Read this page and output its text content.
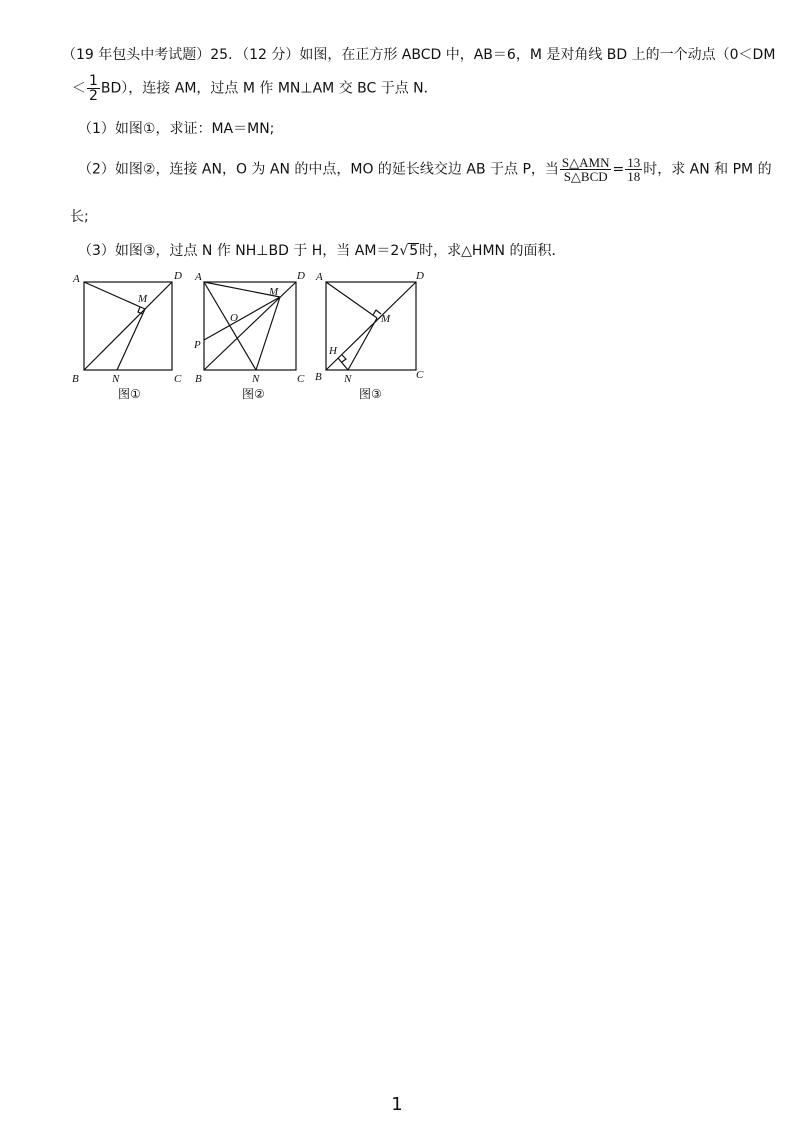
（19 年包头中考试题）25．（12 分）如图，在正方形 ABCD 中，AB＝6，M 是对角线 BD 上的一个动点（0＜DM
＜ $\frac{1}{2} BD$），连接 AM，过点 M 作 MN⊥AM 交 BC 于点 N．
（1）如图①，求证：MA＝MN;
（2）如图②，连接 AN，O 为 AN 的中点，MO 的延长线交边 AB 于点 P，当 $\frac{\text{S△AMN}}{\text{S△BCD}} = \frac{13}{18}$ 时，求 AN 和 PM 的
长;
（3）如图③，过点 N 作 NH⊥BD 于 H，当 AM＝2√5时，求△HMN 的面积．
A	D
B	C
M
N
图①
A	D
B	C
M
O
P
N
图②
A	D
B	C
M
H
N
图③
1
